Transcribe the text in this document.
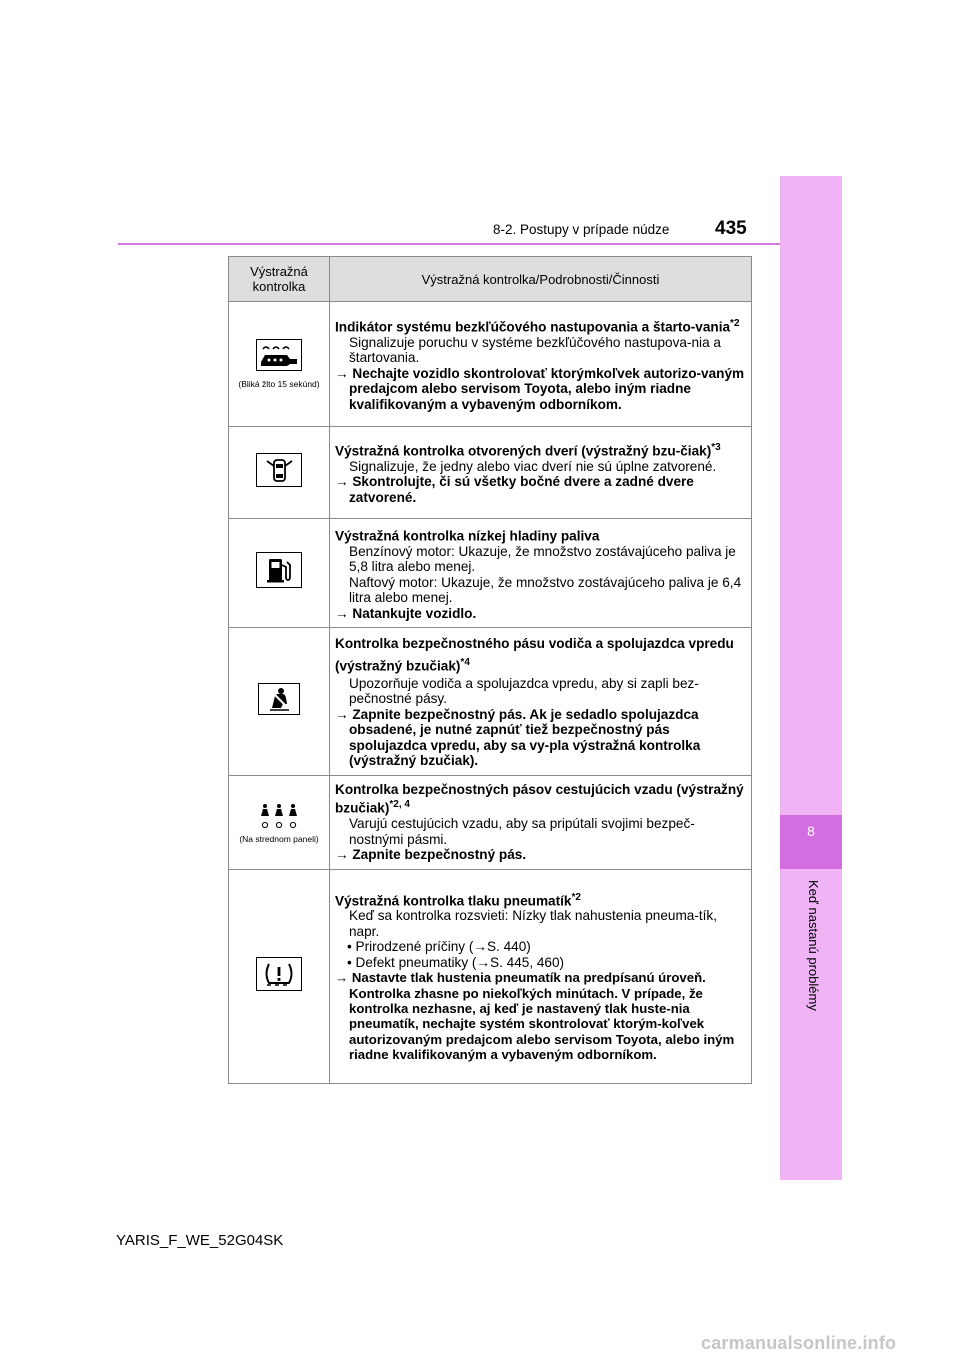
8-2. Postupy v prípade núdze 435
8
Keď nastanú problémy
Výstražná kontrolka	Výstražná kontrolka/Podrobnosti/Činnosti

(Bliká žlto 15 sekúnd)	Indikátor systému bezkľúčového nastupovania a štarto-vania$^{*2}$
Signalizuje poruchu v systéme bezkľúčového nastupova-nia a štartovania.
→ Nechajte vozidlo skontrolovať ktorýmkoľvek autorizo-vaným predajcom alebo servisom Toyota, alebo iným riadne kvalifikovaným a vybaveným odborníkom.

Výstražná kontrolka otvorených dverí (výstražný bzu-čiak)$^{*3}$
Signalizuje, že jedny alebo viac dverí nie sú úplne zatvorené.
→ Skontrolujte, či sú všetky bočné dvere a zadné dvere zatvorené.

Výstražná kontrolka nízkej hladiny paliva
Benzínový motor: Ukazuje, že množstvo zostávajúceho paliva je 5,8 litra alebo menej.
Naftový motor: Ukazuje, že množstvo zostávajúceho paliva je 6,4 litra alebo menej.
→ Natankujte vozidlo.

Kontrolka bezpečnostného pásu vodiča a spolujazdca vpredu (výstražný bzučiak)$^{*4}$
Upozorňuje vodiča a spolujazdca vpredu, aby si zapli bez-pečnostné pásy.
→ Zapnite bezpečnostný pás. Ak je sedadlo spolujazdca obsadené, je nutné zapnúť tiež bezpečnostný pás spolujazdca vpredu, aby sa vy-pla výstražná kontrolka (výstražný bzučiak).

(Na strednom paneli)	Kontrolka bezpečnostných pásov cestujúcich vzadu (výstražný bzučiak)$^{*2, 4}$
Varujú cestujúcich vzadu, aby sa pripútali svojimi bezpeč-nostnými pásmi.
→ Zapnite bezpečnostný pás.

Výstražná kontrolka tlaku pneumatík$^{*2}$
Keď sa kontrolka rozsvieti: Nízky tlak nahustenia pneuma-tík, napr.
• Prirodzené príčiny (→S. 440)
• Defekt pneumatiky (→S. 445, 460)
→ Nastavte tlak hustenia pneumatík na predpísanú úroveň. Kontrolka zhasne po niekoľkých minútach. V prípade, že kontrolka nezhasne, aj keď je nastavený tlak huste-nia pneumatík, nechajte systém skontrolovať ktorým-koľvek autorizovaným predajcom alebo servisom Toyota, alebo iným riadne kvalifikovaným a vybaveným odborníkom.
YARIS_F_WE_52G04SK
carmanualsonline.info
